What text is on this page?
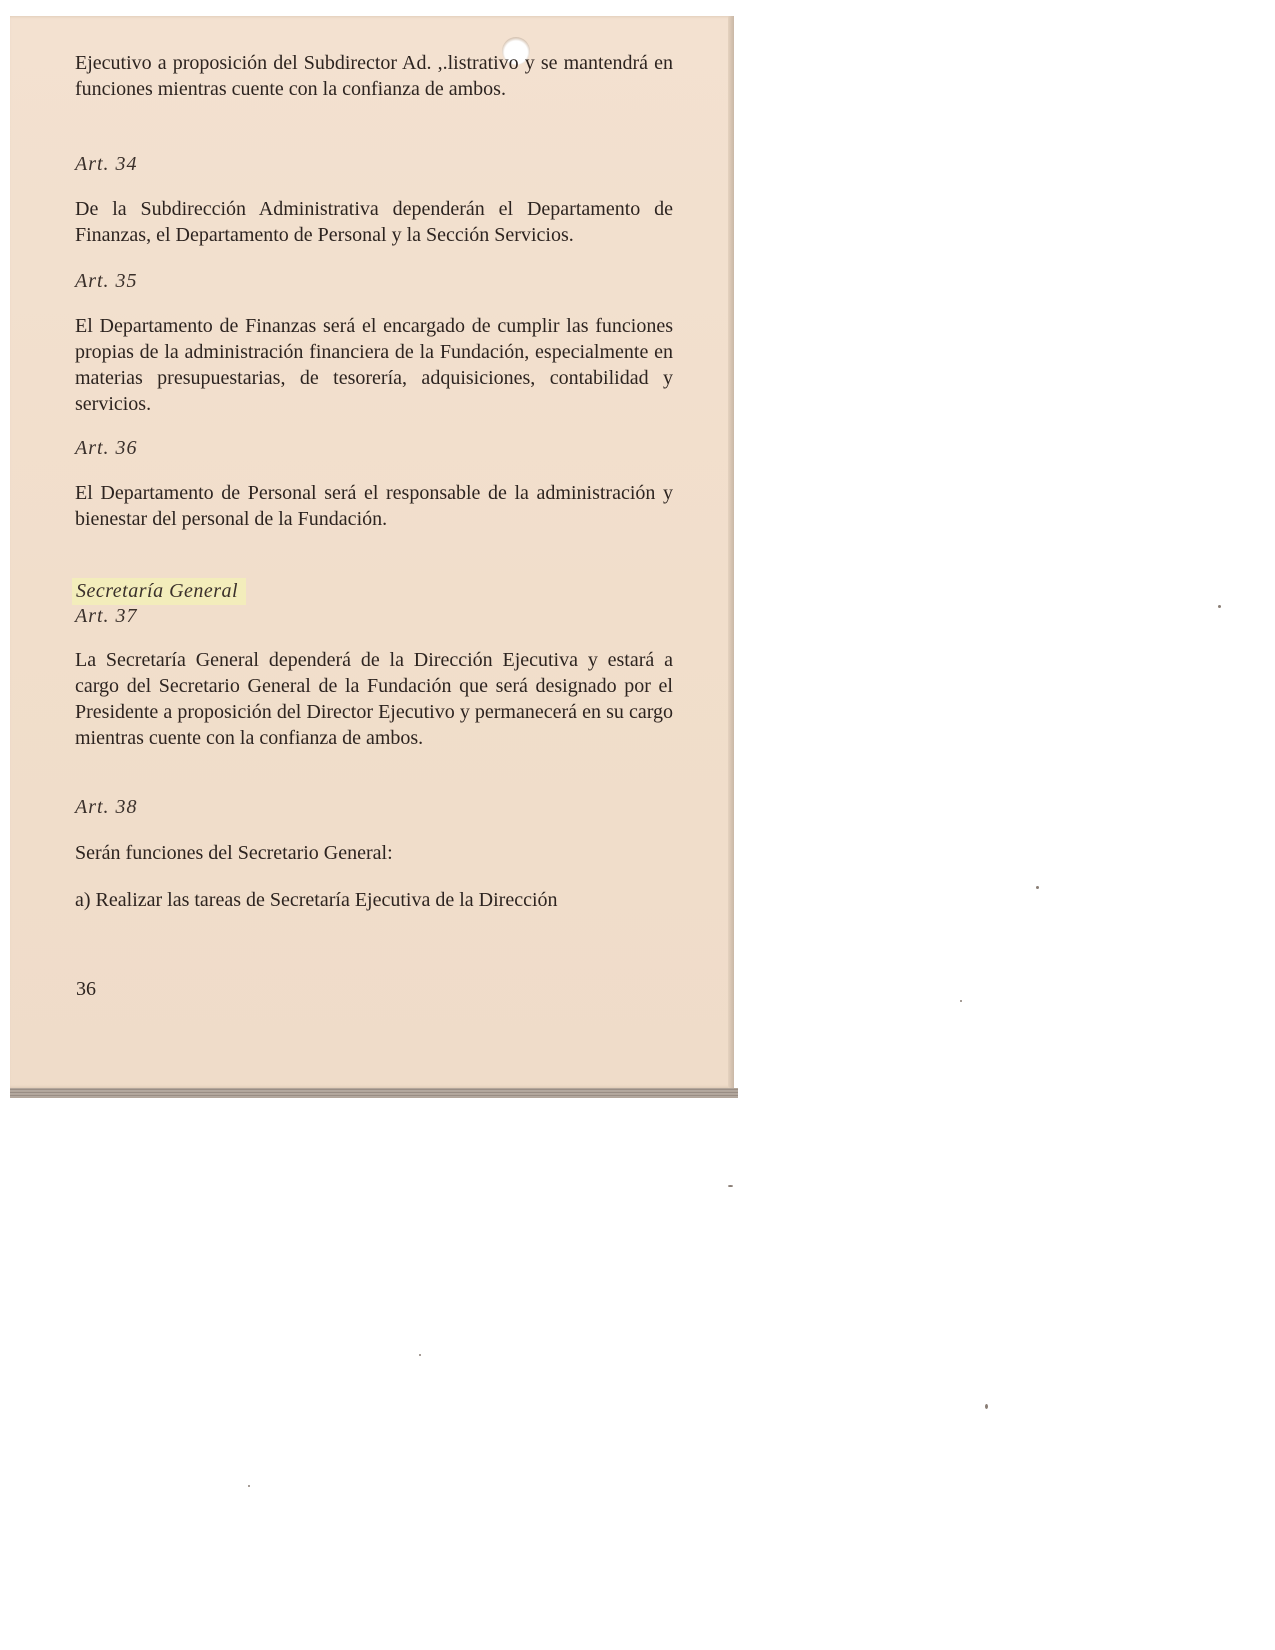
Ejecutivo a proposición del Subdirector Ad. ,.listrativo y se mantendrá en funciones mientras cuente con la confianza de ambos.
Art. 34
De la Subdirección Administrativa dependerán el Departamento de Finanzas, el Departamento de Personal y la Sección Servicios.
Art. 35
El Departamento de Finanzas será el encargado de cumplir las funciones propias de la administración financiera de la Fundación, especialmente en materias presupuestarias, de tesorería, adquisiciones, contabilidad y servicios.
Art. 36
El Departamento de Personal será el responsable de la administración y bienestar del personal de la Fundación.
Secretaría General
Art. 37
La Secretaría General dependerá de la Dirección Ejecutiva y estará a cargo del Secretario General de la Fundación que será designado por el Presidente a proposición del Director Ejecutivo y permanecerá en su cargo mientras cuente con la confianza de ambos.
Art. 38
Serán funciones del Secretario General:
a) Realizar las tareas de Secretaría Ejecutiva de la Dirección
36
